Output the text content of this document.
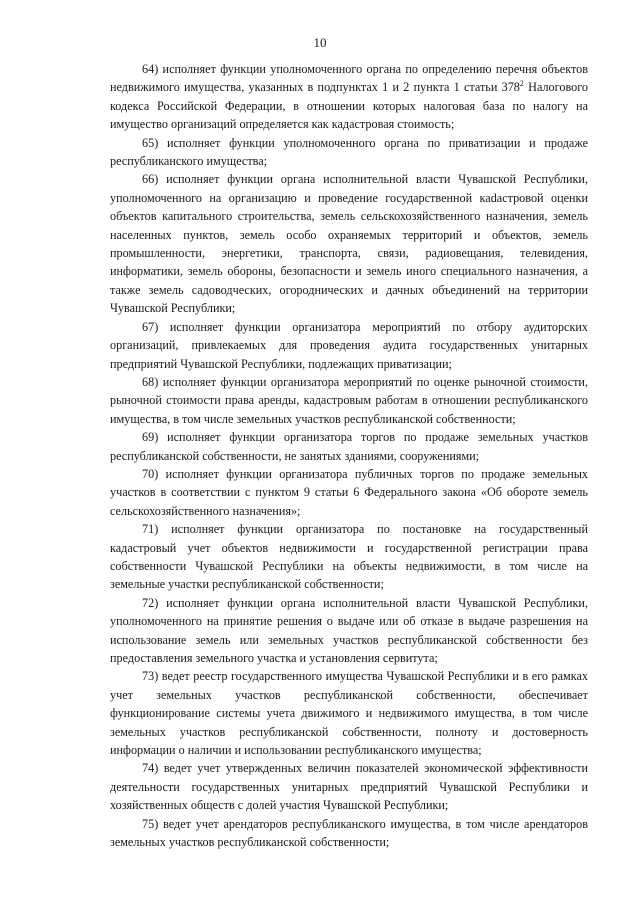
10

64) исполняет функции уполномоченного органа по определению перечня объектов недвижимого имущества, указанных в подпунктах 1 и 2 пункта 1 статьи $378^2$ Налогового кодекса Российской Федерации, в отношении которых налоговая база по налогу на имущество организаций определяется как кадастровая стоимость;

65) исполняет функции уполномоченного органа по приватизации и продаже республиканского имущества;

66) исполняет функции органа исполнительной власти Чувашской Республики, уполномоченного на организацию и проведение государственной каdастровой оценки объектов капитального строительства, земель сельскохозяйственного назначения, земель населенных пунктов, земель особо охраняемых территорий и объектов, земель промышленности, энергетики, транспорта, связи, радиовещания, телевидения, информатики, земель обороны, безопасности и земель иного специального назначения, а также земель садоводческих, огороднических и дачных объединений на территории Чувашской Республики;

67) исполняет функции организатора мероприятий по отбору аудиторских организаций, привлекаемых для проведения аудита государственных унитарных предприятий Чувашской Республики, подлежащих приватизации;

68) исполняет функции организатора мероприятий по оценке рыночной стоимости, рыночной стоимости права аренды, кадастровым работам в отношении республиканского имущества, в том числе земельных участков республиканской собственности;

69) исполняет функции организатора торгов по продаже земельных участков республиканской собственности, не занятых зданиями, сооружениями;

70) исполняет функции организатора публичных торгов по продаже земельных участков в соответствии с пунктом 9 статьи 6 Федерального закона «Об обороте земель сельскохозяйственного назначения»;

71) исполняет функции организатора по постановке на государственный кадастровый учет объектов недвижимости и государственной регистрации права собственности Чувашской Республики на объекты недвижимости, в том числе на земельные участки республиканской собственности;

72) исполняет функции органа исполнительной власти Чувашской Республики, уполномоченного на принятие решения о выдаче или об отказе в выдаче разрешения на использование земель или земельных участков республиканской собственности без предоставления земельного участка и установления сервитута;

73) ведет реестр государственного имущества Чувашской Республики и в его рамках учет земельных участков республиканской собственности, обеспечивает функционирование системы учета движимого и недвижимого имущества, в том числе земельных участков республиканской собственности, полноту и достоверность информации о наличии и использовании республиканского имущества;

74) ведет учет утвержденных величин показателей экономической эффективности деятельности государственных унитарных предприятий Чувашской Республики и хозяйственных обществ с долей участия Чувашской Республики;

75) ведет учет арендаторов республиканского имущества, в том числе арендаторов земельных участков республиканской собственности;
